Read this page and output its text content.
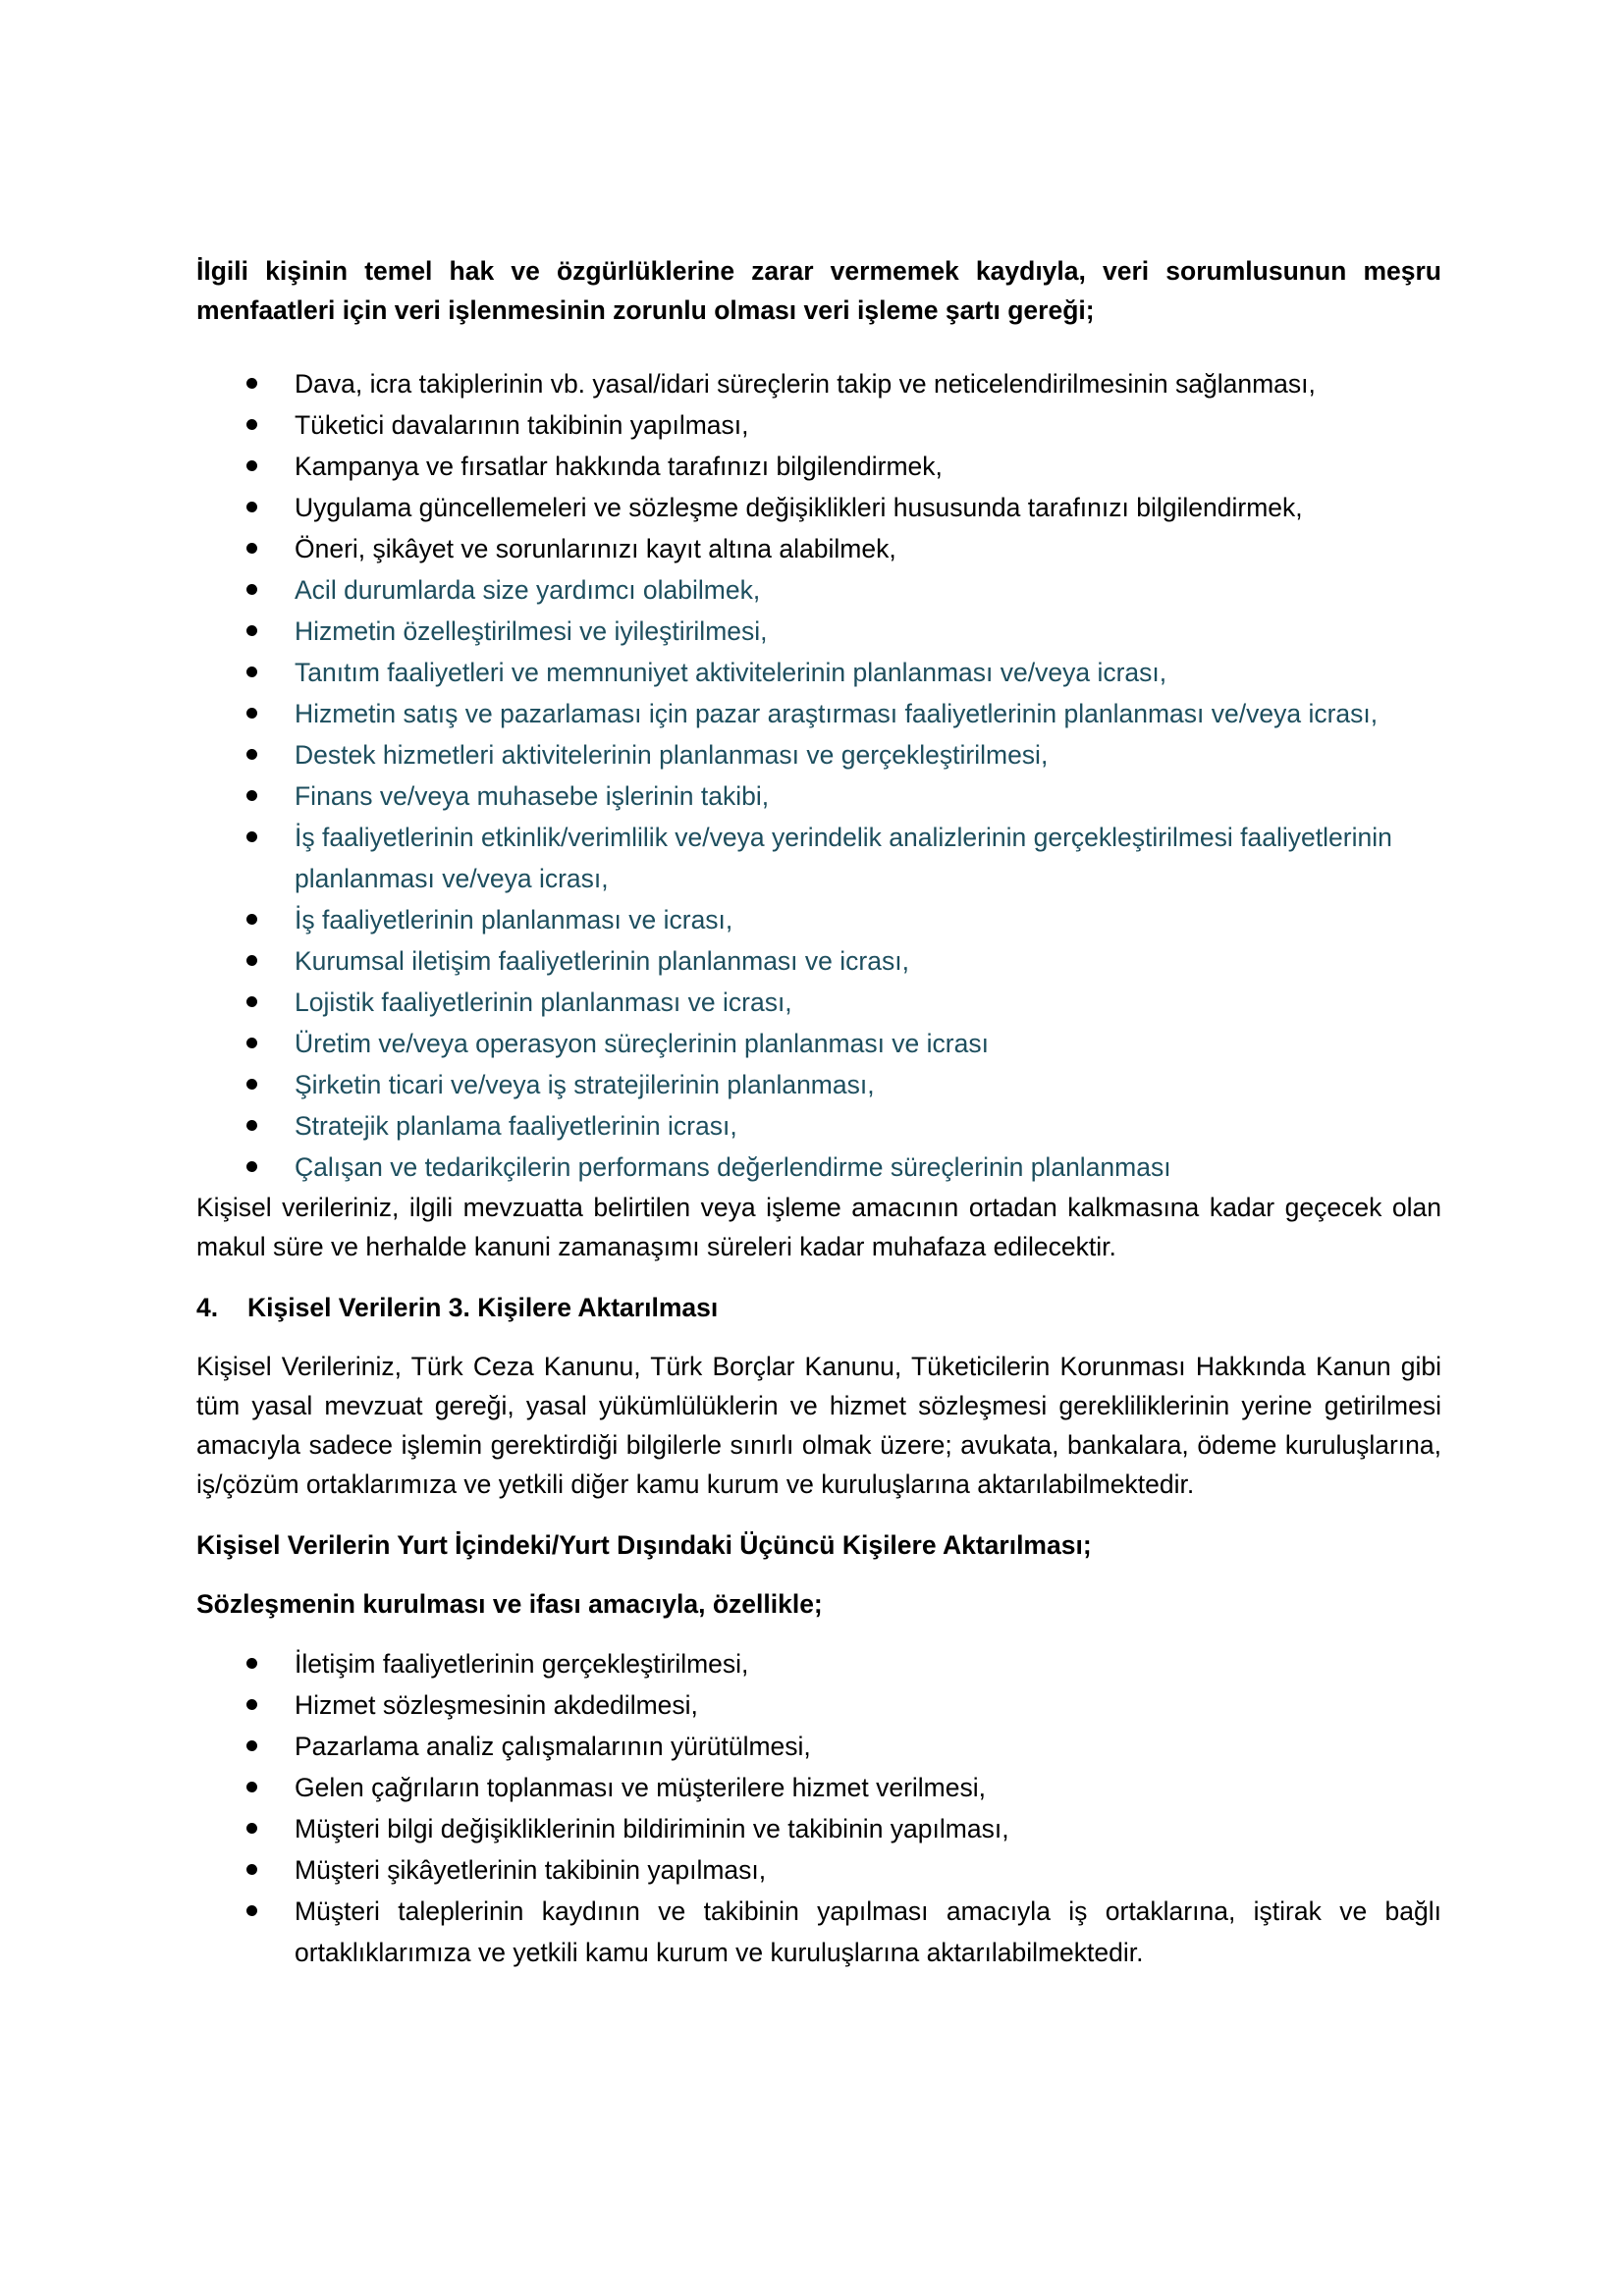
İlgili kişinin temel hak ve özgürlüklerine zarar vermemek kaydıyla, veri sorumlusunun meşru menfaatleri için veri işlenmesinin zorunlu olması veri işleme şartı gereği;

Dava, icra takiplerinin vb. yasal/idari süreçlerin takip ve neticelendirilmesinin sağlanması,
Tüketici davalarının takibinin yapılması,
Kampanya ve fırsatlar hakkında tarafınızı bilgilendirmek,
Uygulama güncellemeleri ve sözleşme değişiklikleri hususunda tarafınızı bilgilendirmek,
Öneri, şikâyet ve sorunlarınızı kayıt altına alabilmek,
Acil durumlarda size yardımcı olabilmek,
Hizmetin özelleştirilmesi ve iyileştirilmesi,
Tanıtım faaliyetleri ve memnuniyet aktivitelerinin planlanması ve/veya icrası,
Hizmetin satış ve pazarlaması için pazar araştırması faaliyetlerinin planlanması ve/veya icrası,
Destek hizmetleri aktivitelerinin planlanması ve gerçekleştirilmesi,
Finans ve/veya muhasebe işlerinin takibi,
İş faaliyetlerinin etkinlik/verimlilik ve/veya yerindelik analizlerinin gerçekleştirilmesi faaliyetlerinin planlanması ve/veya icrası,
İş faaliyetlerinin planlanması ve icrası,
Kurumsal iletişim faaliyetlerinin planlanması ve icrası,
Lojistik faaliyetlerinin planlanması ve icrası,
Üretim ve/veya operasyon süreçlerinin planlanması ve icrası
Şirketin ticari ve/veya iş stratejilerinin planlanması,
Stratejik planlama faaliyetlerinin icrası,
Çalışan ve tedarikçilerin performans değerlendirme süreçlerinin planlanması

Kişisel verileriniz, ilgili mevzuatta belirtilen veya işleme amacının ortadan kalkmasına kadar geçecek olan makul süre ve herhalde kanuni zamanaşımı süreleri kadar muhafaza edilecektir.

4. Kişisel Verilerin 3. Kişilere Aktarılması

Kişisel Verileriniz, Türk Ceza Kanunu, Türk Borçlar Kanunu, Tüketicilerin Korunması Hakkında Kanun gibi tüm yasal mevzuat gereği, yasal yükümlülüklerin ve hizmet sözleşmesi gerekliliklerinin yerine getirilmesi amacıyla sadece işlemin gerektirdiği bilgilerle sınırlı olmak üzere; avukata, bankalara, ödeme kuruluşlarına, iş/çözüm ortaklarımıza ve yetkili diğer kamu kurum ve kuruluşlarına aktarılabilmektedir.

Kişisel Verilerin Yurt İçindeki/Yurt Dışındaki Üçüncü Kişilere Aktarılması;

Sözleşmenin kurulması ve ifası amacıyla, özellikle;

İletişim faaliyetlerinin gerçekleştirilmesi,
Hizmet sözleşmesinin akdedilmesi,
Pazarlama analiz çalışmalarının yürütülmesi,
Gelen çağrıların toplanması ve müşterilere hizmet verilmesi,
Müşteri bilgi değişikliklerinin bildiriminin ve takibinin yapılması,
Müşteri şikâyetlerinin takibinin yapılması,
Müşteri taleplerinin kaydının ve takibinin yapılması amacıyla iş ortaklarına, iştirak ve bağlı ortaklıklarımıza ve yetkili kamu kurum ve kuruluşlarına aktarılabilmektedir.
